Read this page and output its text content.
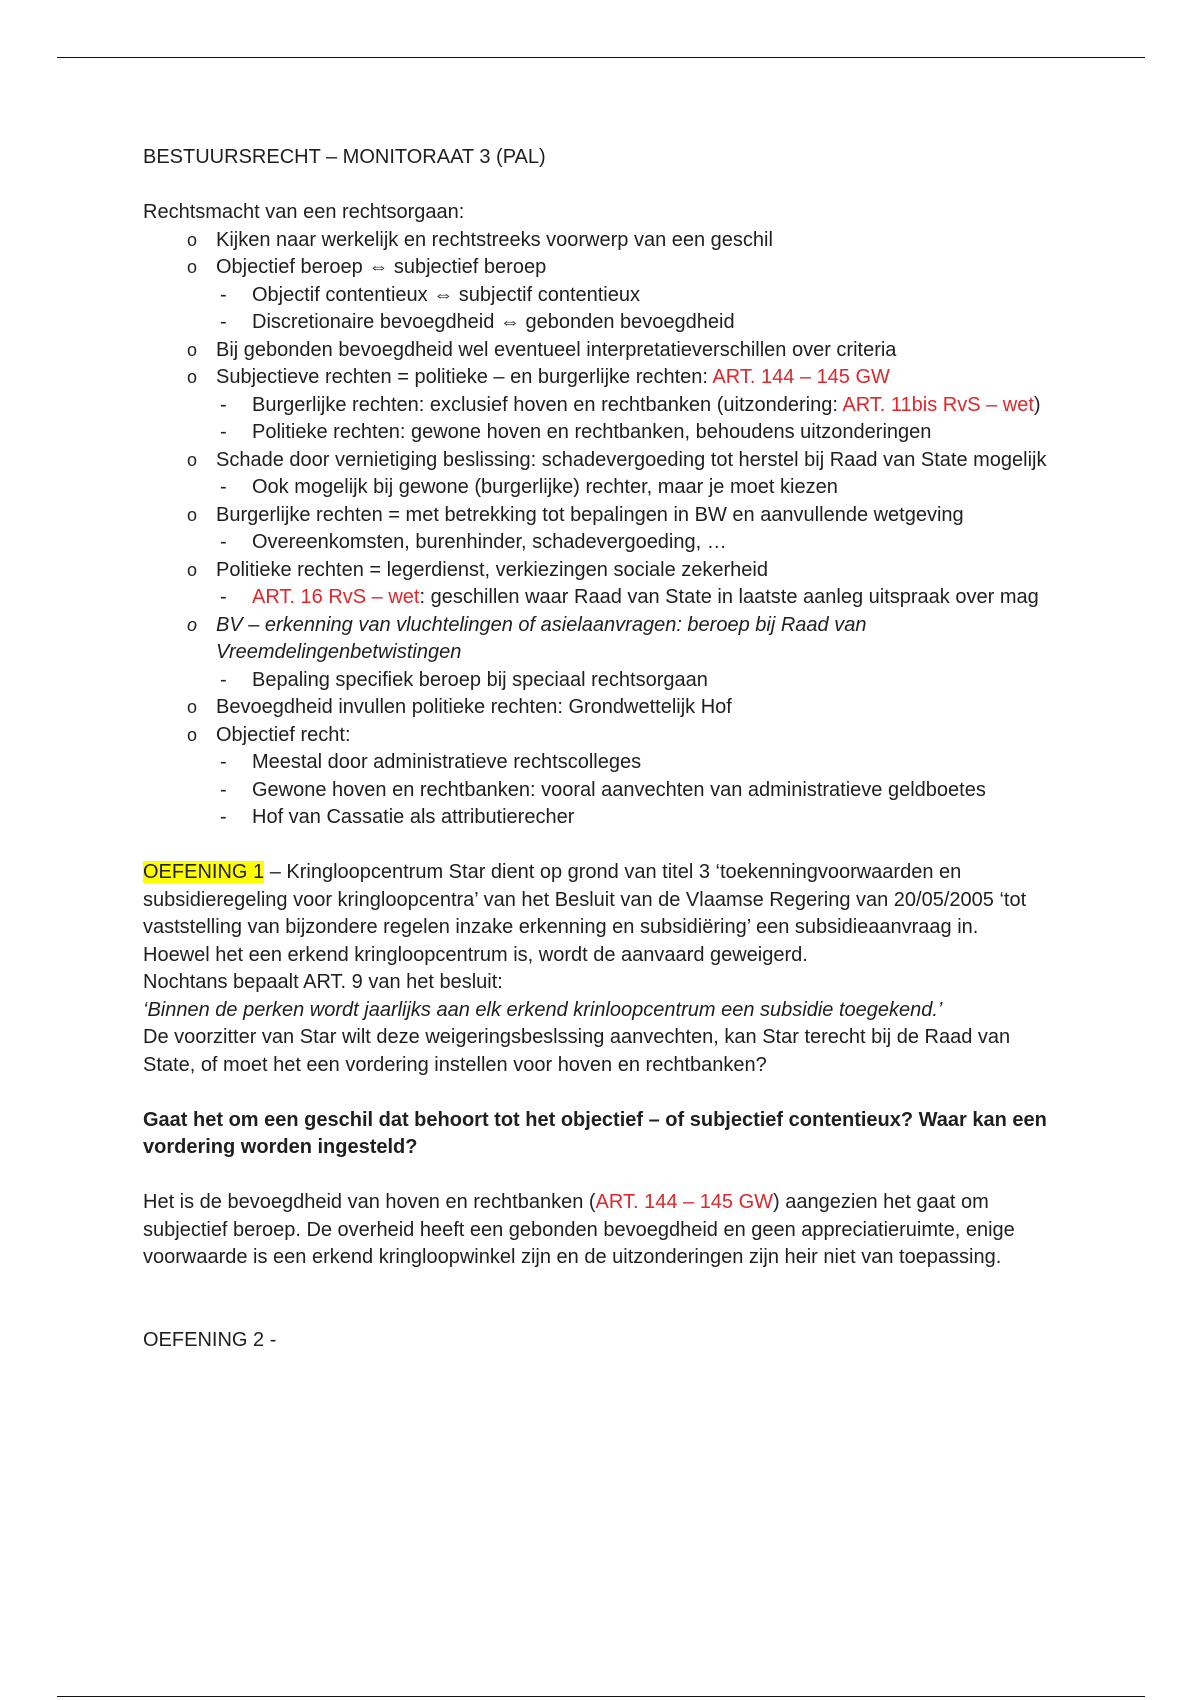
BESTUURSRECHT – MONITORAAT 3 (PAL)
Rechtsmacht van een rechtsorgaan:
o Kijken naar werkelijk en rechtstreeks voorwerp van een geschil
o Objectief beroep ⇔ subjectief beroep
- Objectif contentieux ⇔ subjectif contentieux
- Discretionaire bevoegdheid ⇔ gebonden bevoegdheid
o Bij gebonden bevoegdheid wel eventueel interpretatieverschillen over criteria
o Subjectieve rechten = politieke – en burgerlijke rechten: ART. 144 – 145 GW
- Burgerlijke rechten: exclusief hoven en rechtbanken (uitzondering: ART. 11bis RvS – wet)
- Politieke rechten: gewone hoven en rechtbanken, behoudens uitzonderingen
o Schade door vernietiging beslissing: schadevergoeding tot herstel bij Raad van State mogelijk
- Ook mogelijk bij gewone (burgerlijke) rechter, maar je moet kiezen
o Burgerlijke rechten = met betrekking tot bepalingen in BW en aanvullende wetgeving
- Overeenkomsten, burenhinder, schadevergoeding, …
o Politieke rechten = legerdienst, verkiezingen sociale zekerheid
- ART. 16 RvS – wet: geschillen waar Raad van State in laatste aanleg uitspraak over mag
o BV – erkenning van vluchtelingen of asielaanvragen: beroep bij Raad van
Vreemdelingenbetwistingen
- Bepaling specifiek beroep bij speciaal rechtsorgaan
o Bevoegdheid invullen politieke rechten: Grondwettelijk Hof
o Objectief recht:
- Meestal door administratieve rechtscolleges
- Gewone hoven en rechtbanken: vooral aanvechten van administratieve geldboetes
- Hof van Cassatie als attributierecher
OEFENING 1 – Kringloopcentrum Star dient op grond van titel 3 ‘toekenningvoorwaarden en
subsidieregeling voor kringloopcentra’ van het Besluit van de Vlaamse Regering van 20/05/2005 ‘tot
vaststelling van bijzondere regelen inzake erkenning en subsidiëring’ een subsidieaanvraag in.
Hoewel het een erkend kringloopcentrum is, wordt de aanvaard geweigerd.
Nochtans bepaalt ART. 9 van het besluit:
‘Binnen de perken wordt jaarlijks aan elk erkend krinloopcentrum een subsidie toegekend.’
De voorzitter van Star wilt deze weigeringsbeslssing aanvechten, kan Star terecht bij de Raad van
State, of moet het een vordering instellen voor hoven en rechtbanken?
Gaat het om een geschil dat behoort tot het objectief – of subjectief contentieux? Waar kan een
vordering worden ingesteld?
Het is de bevoegdheid van hoven en rechtbanken (ART. 144 – 145 GW) aangezien het gaat om
subjectief beroep. De overheid heeft een gebonden bevoegdheid en geen appreciatieruimte, enige
voorwaarde is een erkend kringloopwinkel zijn en de uitzonderingen zijn heir niet van toepassing.
OEFENING 2 -
